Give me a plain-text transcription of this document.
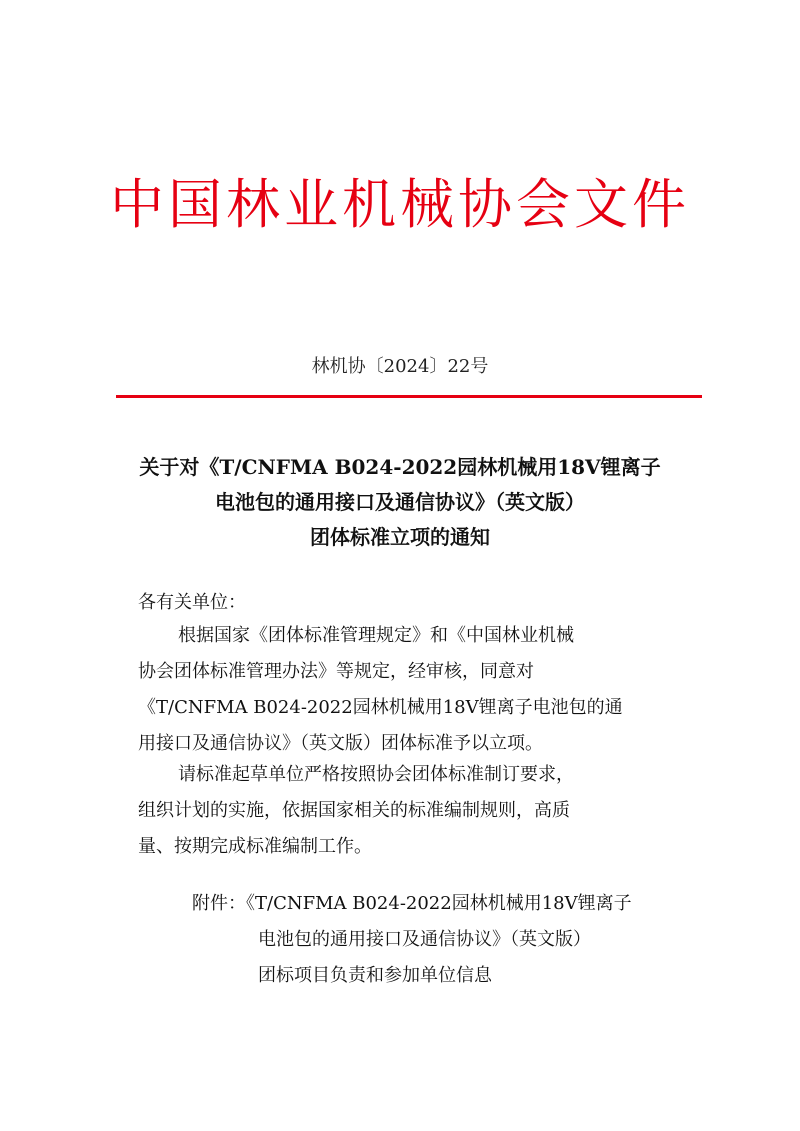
中国林业机械协会文件
林机协〔2024〕22号
关于对《T/CNFMA B024-2022园林机械用18V锂离子
电池包的通用接口及通信协议》（英文版）
团体标准立项的通知
各有关单位：
根据国家《团体标准管理规定》和《中国林业机械
协会团体标准管理办法》等规定，经审核，同意对
《T/CNFMA B024-2022园林机械用18V锂离子电池包的通
用接口及通信协议》（英文版）团体标准予以立项。
请标准起草单位严格按照协会团体标准制订要求，
组织计划的实施，依据国家相关的标准编制规则，高质
量、按期完成标准编制工作。
附件：《T/CNFMA B024-2022园林机械用18V锂离子
电池包的通用接口及通信协议》（英文版）
团标项目负责和参加单位信息
